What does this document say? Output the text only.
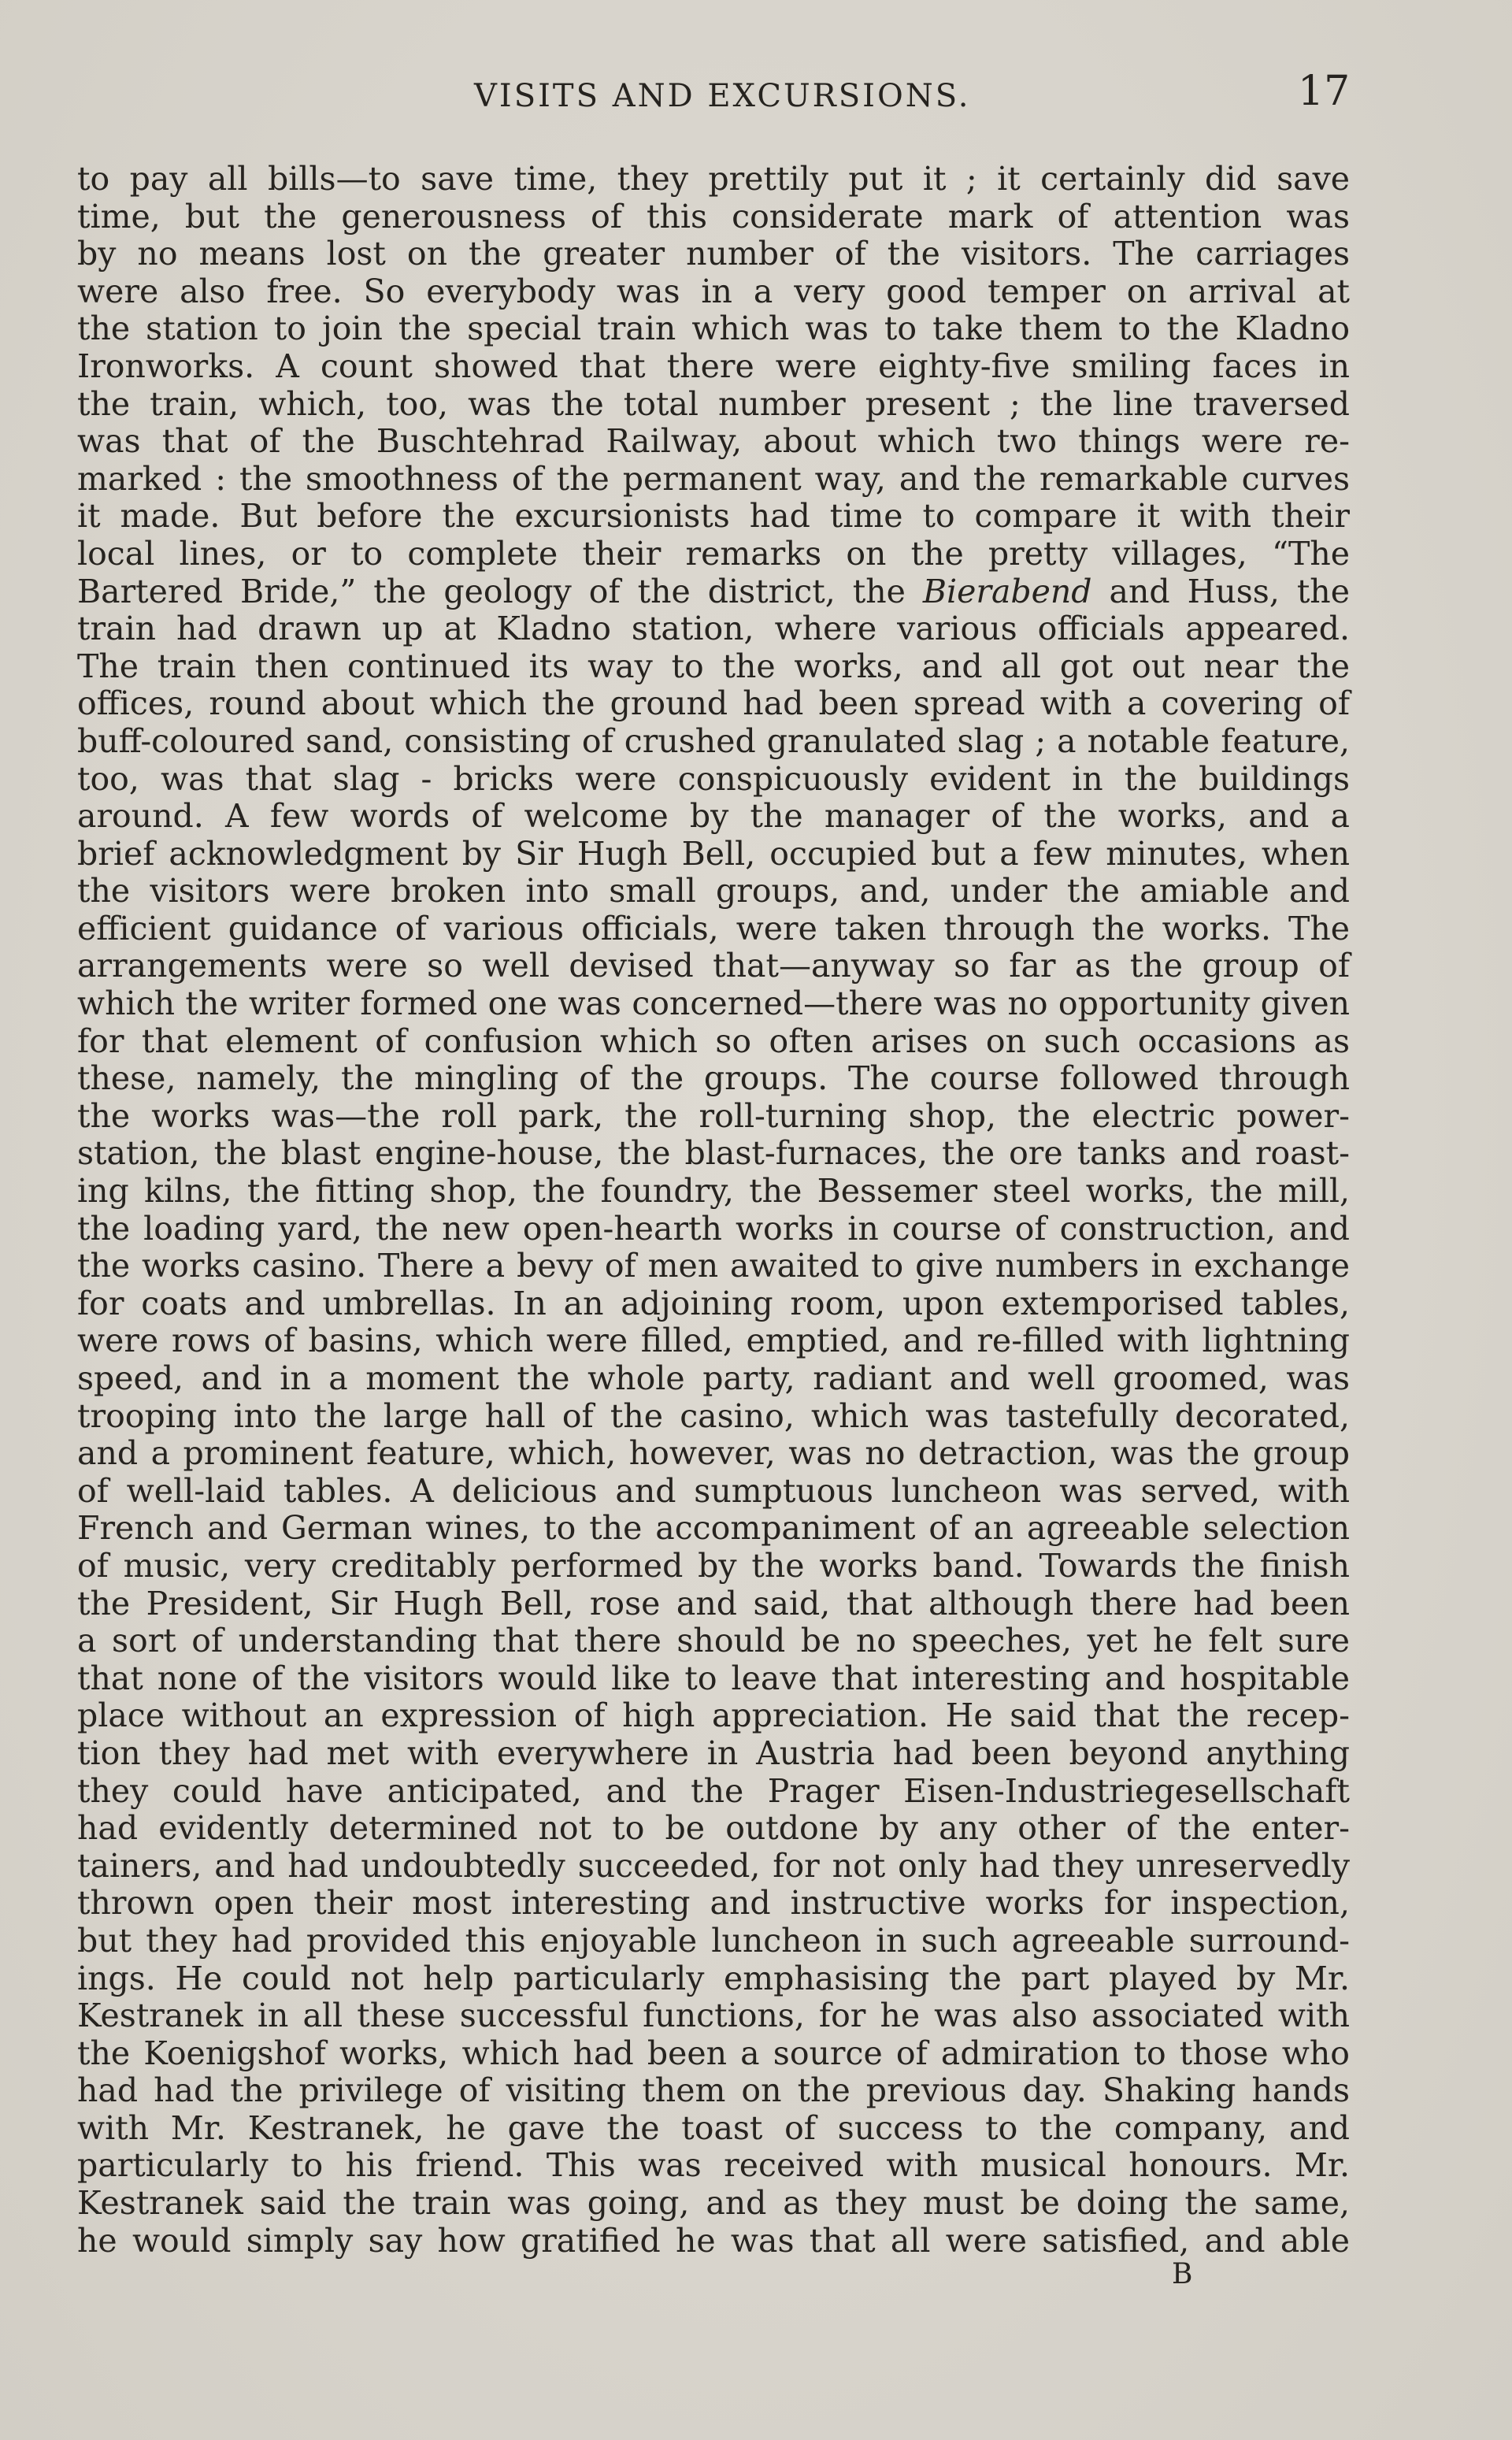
VISITS AND EXCURSIONS.	17
to pay all bills—to save time, they prettily put it ; it certainly did save
time, but the generousness of this considerate mark of attention was
by no means lost on the greater number of the visitors. The carriages
were also free. So everybody was in a very good temper on arrival at
the station to join the special train which was to take them to the Kladno
Ironworks. A count showed that there were eighty-five smiling faces in
the train, which, too, was the total number present ; the line traversed
was that of the Buschtehrad Railway, about which two things were re-
marked : the smoothness of the permanent way, and the remarkable curves
it made. But before the excursionists had time to compare it with their
local lines, or to complete their remarks on the pretty villages, “The
Bartered Bride,” the geology of the district, the Bierabend and Huss, the
train had drawn up at Kladno station, where various officials appeared.
The train then continued its way to the works, and all got out near the
offices, round about which the ground had been spread with a covering of
buff-coloured sand, consisting of crushed granulated slag ; a notable feature,
too, was that slag - bricks were conspicuously evident in the buildings
around. A few words of welcome by the manager of the works, and a
brief acknowledgment by Sir Hugh Bell, occupied but a few minutes, when
the visitors were broken into small groups, and, under the amiable and
efficient guidance of various officials, were taken through the works. The
arrangements were so well devised that—anyway so far as the group of
which the writer formed one was concerned—there was no opportunity given
for that element of confusion which so often arises on such occasions as
these, namely, the mingling of the groups. The course followed through
the works was—the roll park, the roll-turning shop, the electric power-
station, the blast engine-house, the blast-furnaces, the ore tanks and roast-
ing kilns, the fitting shop, the foundry, the Bessemer steel works, the mill,
the loading yard, the new open-hearth works in course of construction, and
the works casino. There a bevy of men awaited to give numbers in exchange
for coats and umbrellas. In an adjoining room, upon extemporised tables,
were rows of basins, which were filled, emptied, and re-filled with lightning
speed, and in a moment the whole party, radiant and well groomed, was
trooping into the large hall of the casino, which was tastefully decorated,
and a prominent feature, which, however, was no detraction, was the group
of well-laid tables. A delicious and sumptuous luncheon was served, with
French and German wines, to the accompaniment of an agreeable selection
of music, very creditably performed by the works band. Towards the finish
the President, Sir Hugh Bell, rose and said, that although there had been
a sort of understanding that there should be no speeches, yet he felt sure
that none of the visitors would like to leave that interesting and hospitable
place without an expression of high appreciation. He said that the recep-
tion they had met with everywhere in Austria had been beyond anything
they could have anticipated, and the Prager Eisen-Industriegesellschaft
had evidently determined not to be outdone by any other of the enter-
tainers, and had undoubtedly succeeded, for not only had they unreservedly
thrown open their most interesting and instructive works for inspection,
but they had provided this enjoyable luncheon in such agreeable surround-
ings. He could not help particularly emphasising the part played by Mr.
Kestranek in all these successful functions, for he was also associated with
the Koenigshof works, which had been a source of admiration to those who
had had the privilege of visiting them on the previous day. Shaking hands
with Mr. Kestranek, he gave the toast of success to the company, and
particularly to his friend. This was received with musical honours. Mr.
Kestranek said the train was going, and as they must be doing the same,
he would simply say how gratified he was that all were satisfied, and able
B
